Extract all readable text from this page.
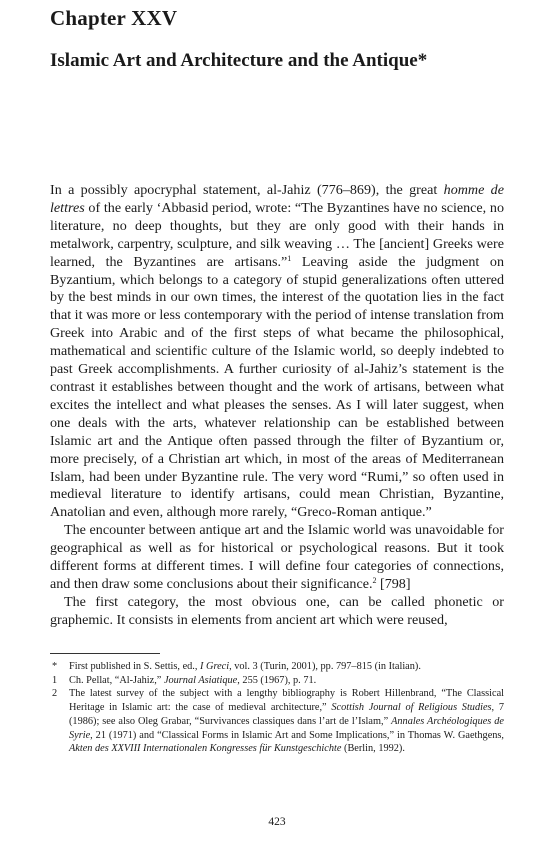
Chapter XXV
Islamic Art and Architecture and the Antique*

In a possibly apocryphal statement, al-Jahiz (776–869), the great homme de lettres of the early ‘Abbasid period, wrote: “The Byzantines have no science, no literature, no deep thoughts, but they are only good with their hands in metalwork, carpentry, sculpture, and silk weaving … The [ancient] Greeks were learned, the Byzantines are artisans.”$^1$ Leaving aside the judgment on Byzantium, which belongs to a category of stupid generalizations often uttered by the best minds in our own times, the interest of the quotation lies in the fact that it was more or less contemporary with the period of intense translation from Greek into Arabic and of the first steps of what became the philosophical, mathematical and scientific culture of the Islamic world, so deeply indebted to past Greek accomplishments. A further curiosity of al-Jahiz’s statement is the contrast it establishes between thought and the work of artisans, between what excites the intellect and what pleases the senses. As I will later suggest, when one deals with the arts, whatever relationship can be established between Islamic art and the Antique often passed through the filter of Byzantium or, more precisely, of a Christian art which, in most of the areas of Mediterranean Islam, had been under Byzantine rule. The very word “Rumi,” so often used in medieval literature to identify artisans, could mean Christian, Byzantine, Anatolian and even, although more rarely, “Greco-Roman antique.”

The encounter between antique art and the Islamic world was unavoidable for geographical as well as for historical or psychological reasons. But it took different forms at different times. I will define four categories of connections, and then draw some conclusions about their significance.$^2$ [798]

The first category, the most obvious one, can be called phonetic or graphemic. It consists in elements from ancient art which were reused,

* First published in S. Settis, ed., I Greci, vol. 3 (Turin, 2001), pp. 797–815 (in Italian).
1 Ch. Pellat, “Al-Jahiz,” Journal Asiatique, 255 (1967), p. 71.
2 The latest survey of the subject with a lengthy bibliography is Robert Hillenbrand, “The Classical Heritage in Islamic art: the case of medieval architecture,” Scottish Journal of Religious Studies, 7 (1986); see also Oleg Grabar, “Survivances classiques dans l’art de l’Islam,” Annales Archéologiques de Syrie, 21 (1971) and “Classical Forms in Islamic Art and Some Implications,” in Thomas W. Gaethgens, Akten des XXVIII Internationalen Kongresses für Kunstgeschichte (Berlin, 1992).
423
